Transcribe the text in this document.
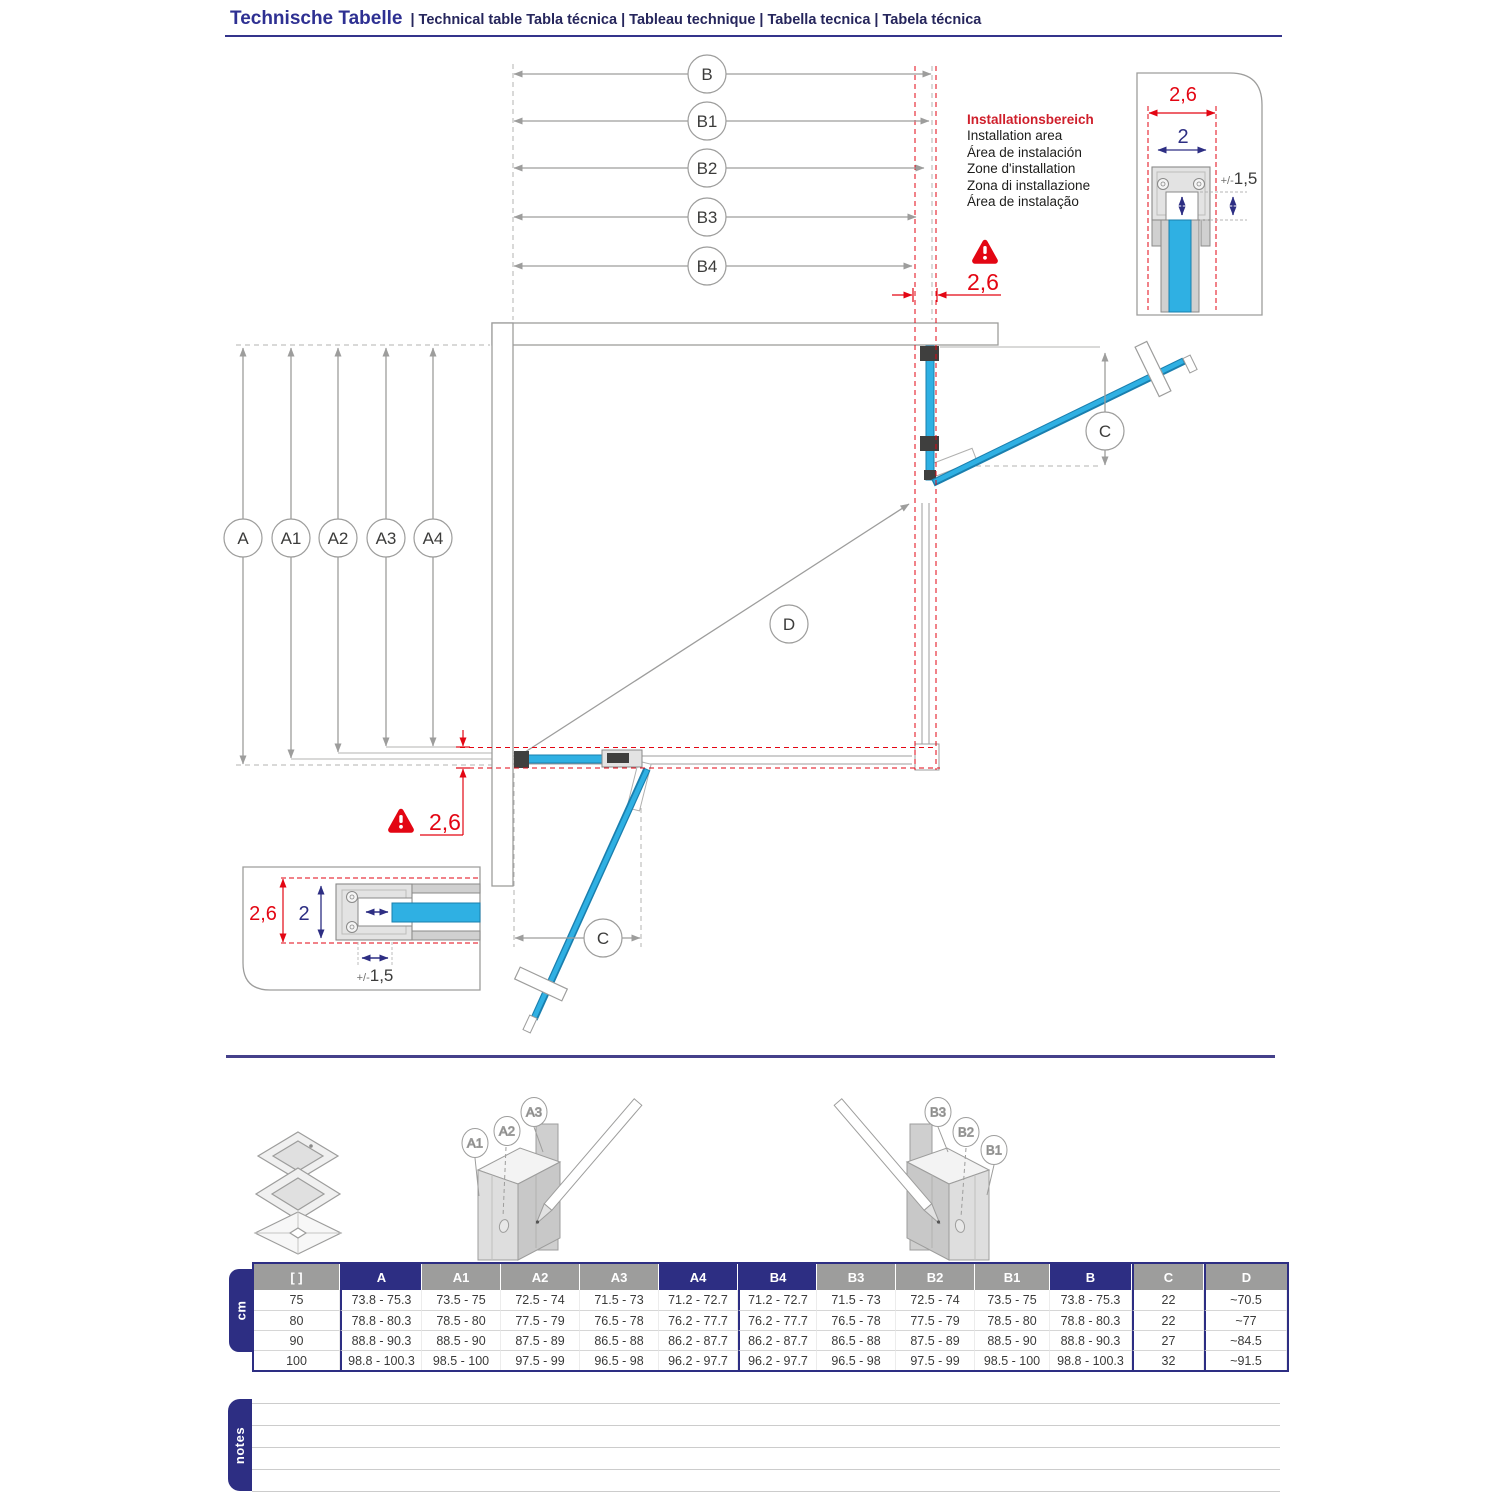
Technische Tabelle | Technical table Tabla técnica | Tableau technique | Tabella tecnica | Tabela técnica
Installationsbereich
Installation area
Área de instalación
Zone d'installation
Zona di installazione
Área de instalação
D
B
B1
B2
B3
B4
A A1 A2 A3 A4
C
C
2,6
2,6
2,6 2
+/-1,5
2,6
2
+/-1,5
A1
A2
A3	B3
B2
B1
cm
[ ]	A	A1	A2	A3	A4	B4	B3	B2	B1	B	C	D
75	73.8 - 75.3	73.5 - 75	72.5 - 74	71.5 - 73	71.2 - 72.7	71.2 - 72.7	71.5 - 73	72.5 - 74	73.5 - 75	73.8 - 75.3	22	~70.5
80	78.8 - 80.3	78.5 - 80	77.5 - 79	76.5 - 78	76.2 - 77.7	76.2 - 77.7	76.5 - 78	77.5 - 79	78.5 - 80	78.8 - 80.3	22	~77
90	88.8 - 90.3	88.5 - 90	87.5 - 89	86.5 - 88	86.2 - 87.7	86.2 - 87.7	86.5 - 88	87.5 - 89	88.5 - 90	88.8 - 90.3	27	~84.5
100	98.8 - 100.3	98.5 - 100	97.5 - 99	96.5 - 98	96.2 - 97.7	96.2 - 97.7	96.5 - 98	97.5 - 99	98.5 - 100	98.8 - 100.3	32	~91.5
notes
